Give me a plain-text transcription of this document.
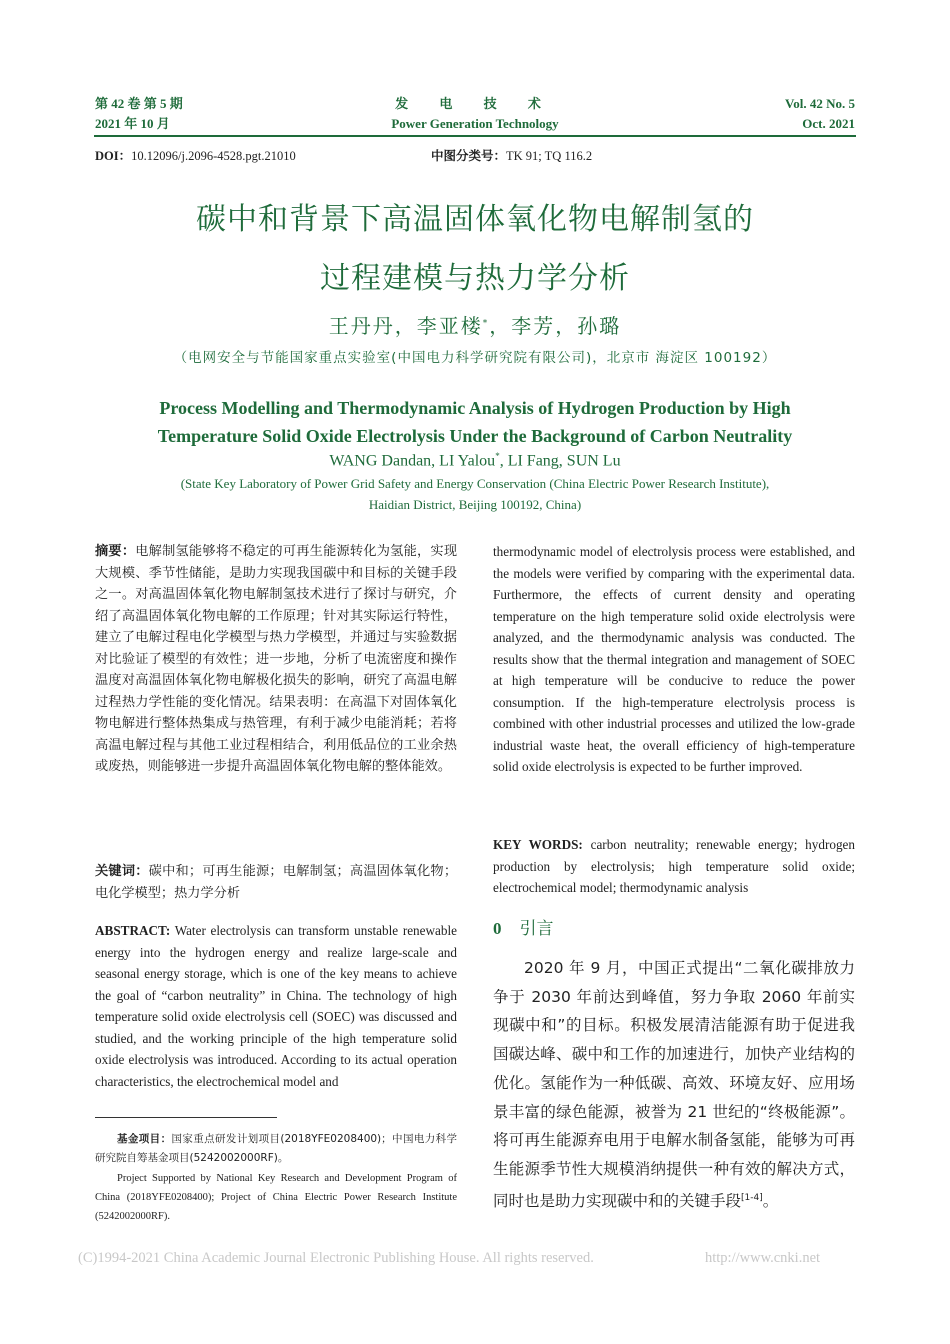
第 42 卷 第 5 期
2021 年 10 月
发 电 技 术
Power Generation Technology
Vol. 42 No. 5
Oct. 2021
DOI：10.12096/j.2096-4528.pgt.21010	中图分类号：TK 91; TQ 116.2
碳中和背景下高温固体氧化物电解制氢的
过程建模与热力学分析
王丹丹，李亚楼*，李芳，孙璐
（电网安全与节能国家重点实验室(中国电力科学研究院有限公司)，北京市 海淀区 100192）
Process Modelling and Thermodynamic Analysis of Hydrogen Production by High
Temperature Solid Oxide Electrolysis Under the Background of Carbon Neutrality
WANG Dandan, LI Yalou*, LI Fang, SUN Lu
(State Key Laboratory of Power Grid Safety and Energy Conservation (China Electric Power Research Institute),
Haidian District, Beijing 100192, China)
摘要：电解制氢能够将不稳定的可再生能源转化为氢能，实现大规模、季节性储能，是助力实现我国碳中和目标的关键手段之一。对高温固体氧化物电解制氢技术进行了探讨与研究，介绍了高温固体氧化物电解的工作原理；针对其实际运行特性，建立了电解过程电化学模型与热力学模型，并通过与实验数据对比验证了模型的有效性；进一步地，分析了电流密度和操作温度对高温固体氧化物电解极化损失的影响，研究了高温电解过程热力学性能的变化情况。结果表明：在高温下对固体氧化物电解进行整体热集成与热管理，有利于减少电能消耗；若将高温电解过程与其他工业过程相结合，利用低品位的工业余热或废热，则能够进一步提升高温固体氧化物电解的整体能效。
关键词：碳中和；可再生能源；电解制氢；高温固体氧化物；电化学模型；热力学分析
ABSTRACT: Water electrolysis can transform unstable renewable energy into the hydrogen energy and realize large-scale and seasonal energy storage, which is one of the key means to achieve the goal of “carbon neutrality” in China. The technology of high temperature solid oxide electrolysis cell (SOEC) was discussed and studied, and the working principle of the high temperature solid oxide electrolysis was introduced. According to its actual operation characteristics, the electrochemical model and
基金项目：国家重点研发计划项目(2018YFE0208400)；中国电力科学研究院自筹基金项目(5242002000RF)。
Project Supported by National Key Research and Development Program of China (2018YFE0208400); Project of China Electric Power Research Institute (5242002000RF).
thermodynamic model of electrolysis process were established, and the models were verified by comparing with the experimental data. Furthermore, the effects of current density and operating temperature on the high temperature solid oxide electrolysis were analyzed, and the thermodynamic analysis was conducted. The results show that the thermal integration and management of SOEC at high temperature will be conducive to reduce the power consumption. If the high-temperature electrolysis process is combined with other industrial processes and utilized the low-grade industrial waste heat, the overall efficiency of high-temperature solid oxide electrolysis is expected to be further improved.
KEY WORDS: carbon neutrality; renewable energy; hydrogen production by electrolysis; high temperature solid oxide; electrochemical model; thermodynamic analysis
0 引言
2020 年 9 月，中国正式提出“二氧化碳排放力争于 2030 年前达到峰值，努力争取 2060 年前实现碳中和”的目标。积极发展清洁能源有助于促进我国碳达峰、碳中和工作的加速进行，加快产业结构的优化。氢能作为一种低碳、高效、环境友好、应用场景丰富的绿色能源，被誉为 21 世纪的“终极能源”。将可再生能源弃电用于电解水制备氢能，能够为可再生能源季节性大规模消纳提供一种有效的解决方式，同时也是助力实现碳中和的关键手段[1-4]。
(C)1994-2021 China Academic Journal Electronic Publishing House. All rights reserved.	http://www.cnki.net
